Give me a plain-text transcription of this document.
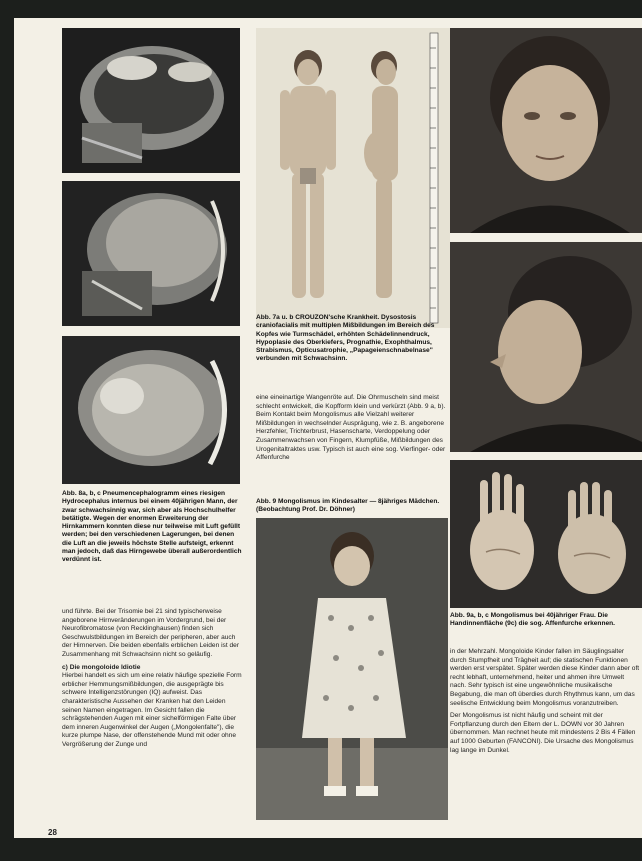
Abb. 8a, b, c Pneumencephalogramm eines riesigen Hydrocephalus internus bei einem 40jährigen Mann, der zwar schwachsinnig war, sich aber als Hochschulhelfer betätigte. Wegen der enormen Erweiterung der Hirnkammern konnten diese nur teilweise mit Luft gefüllt werden; bei den verschiedenen Lagerungen, bei denen die Luft an die jeweils höchste Stelle aufsteigt, erkennt man jedoch, daß das Hirngewebe überall außerordentlich verdünnt ist.

und führte. Bei der Trisomie bei 21 sind typischerweise angeborene Hirnveränderungen im Vordergrund, bei der Neurofibromatose (von Recklinghausen) finden sich Geschwulstbildungen im Bereich der peripheren, aber auch der Hirnnerven. Die beiden ebenfalls erblichen Leiden ist der Zusammenhang mit Schwachsinn nicht so geläufig.

c) Die mongoloide Idiotie

Hierbei handelt es sich um eine relativ häufige spezielle Form erblicher Hemmungsmißbildungen, die ausgeprägte bis schwere Intelligenzstörungen (IQ) aufweist. Das charakteristische Aussehen der Kranken hat den Leiden seinen Namen eingetragen. Im Gesicht fallen die schrägstehenden Augen mit einer sichelförmigen Falte über dem inneren Augenwinkel der Augen („Mongolenfalte"), die kurze plumpe Nase, der offenstehende Mund mit oder ohne Vergrößerung der Zunge und

Abb. 7a u. b CROUZON'sche Krankheit. Dysostosis craniofacialis mit multiplen Mißbildungen im Bereich des Kopfes wie Turmschädel, erhöhten Schädelinnendruck, Hypoplasie des Oberkiefers, Prognathie, Exophthalmus, Strabismus, Opticusatrophie, „Papageienschnabelnase" verbunden mit Schwachsinn.

eine eineinartige Wangenröte auf. Die Ohrmuscheln sind meist schlecht entwickelt, die Kopfform klein und verkürzt (Abb. 9 a, b). Beim Kontakt beim Mongolismus alle Vielzahl weiterer Mißbildungen in wechselnder Ausprägung, wie z. B. angeborene Herzfehler, Trichterbrust, Hasenscharte, Verdoppelung oder Zusammenwachsen von Fingern, Klumpfüße, Mißbildungen des Urogenitaltraktes usw. Typisch ist auch eine sog. Vierfinger- oder Affenfurche

Abb. 9 Mongolismus im Kindesalter — 8jähriges Mädchen. (Beobachtung Prof. Dr. Döhner)

Abb. 9a, b, c Mongolismus bei 40jähriger Frau. Die Handinnenfläche (9c) die sog. Affenfurche erkennen.

in der Mehrzahl. Mongoloide Kinder fallen im Säuglingsalter durch Stumpfheit und Trägheit auf; die statischen Funktionen werden erst verspätet. Später werden diese Kinder dann aber oft recht lebhaft, unternehmend, heiter und ahmen ihre Umwelt nach. Sehr typisch ist eine ungewöhnliche musikalische Begabung, die man oft überdies durch Rhythmus kann, um das seelische Entwicklung beim Mongolismus voranzutreiben.

Der Mongolismus ist nicht häufig und scheint mit der Fortpflanzung durch den Eltern der L. DOWN vor 30 Jahren übernommen. Man rechnet heute mit mindestens 2 Bis 4 Fällen auf 1000 Geburten (FANCONI). Die Ursache des Mongolismus lag lange im Dunkel.

28
